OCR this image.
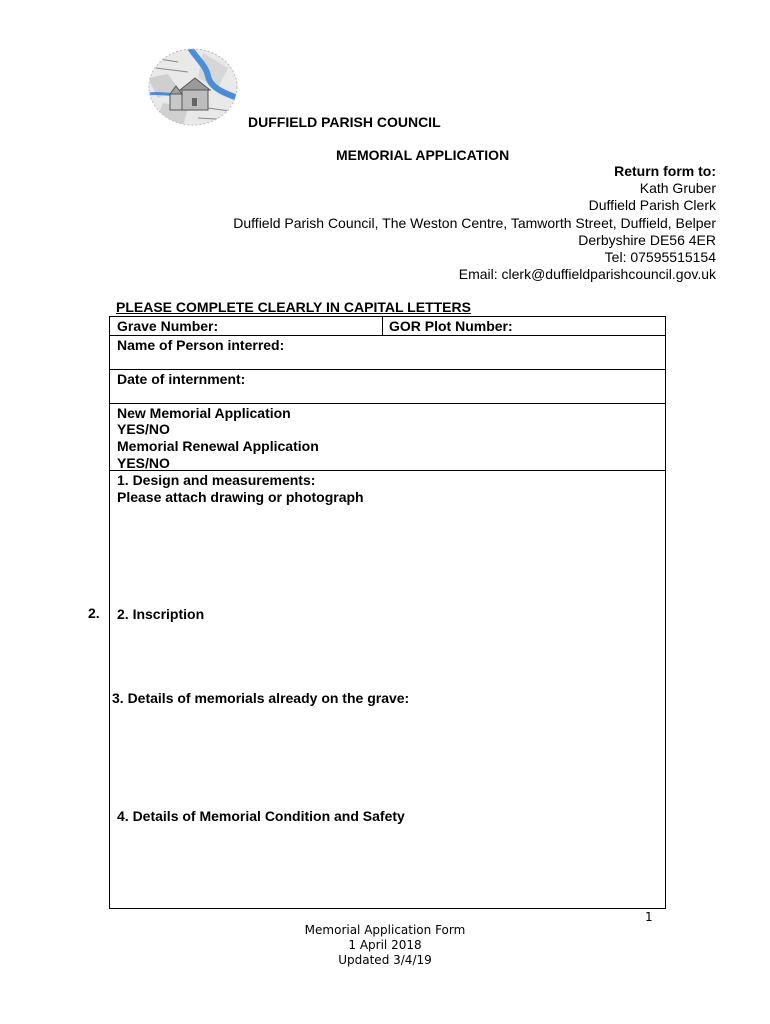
DUFFIELD PARISH COUNCIL
MEMORIAL APPLICATION
Return form to:
Kath Gruber
Duffield Parish Clerk
Duffield Parish Council, The Weston Centre, Tamworth Street, Duffield, Belper
Derbyshire DE56 4ER
Tel: 07595515154
Email: clerk@duffieldparishcouncil.gov.uk
PLEASE COMPLETE CLEARLY IN CAPITAL LETTERS
Grave Number:	GOR Plot Number:
Name of Person interred:
Date of internment:
New Memorial Application
YES/NO
Memorial Renewal Application
YES/NO
1. Design and measurements:
Please attach drawing or photograph
2. Inscription
3. Details of memorials already on the grave:
4. Details of Memorial Condition and Safety
2.
1
Memorial Application Form
1 April 2018
Updated 3/4/19
